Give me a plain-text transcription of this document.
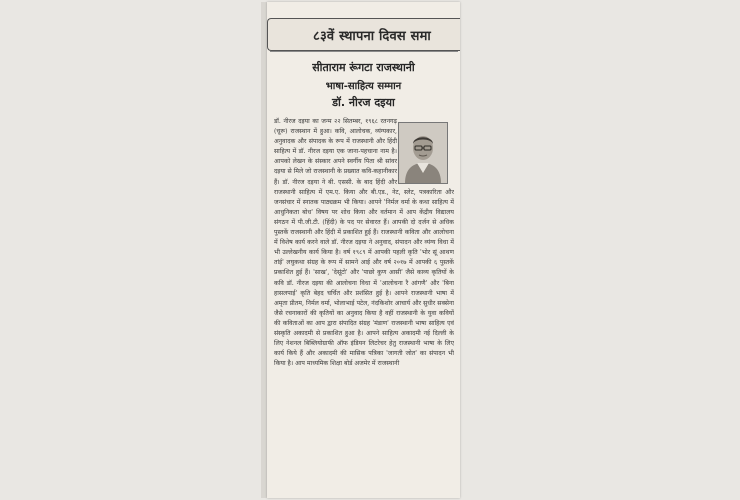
८३वें स्थापना दिवस समा
सीताराम रूंगटा राजस्थानी
भाषा-साहित्य सम्मान
डॉ. नीरज दइया
डॉ. नीरज दइया का जन्म २२ सितम्बर, १९६८ रतनगढ़ (चूरू) राजस्थान में हुआ। कवि, आलोचक, व्यंग्यकार, अनुवादक और संपादक के रूप में राजस्थानी और हिंदी साहित्य में डॉ. नीरज दइया एक जाना-पहचाना नाम है। आपको लेखन के संस्कार अपने स्वर्गीय पिता श्री सांवर दइया से मिले जो राजस्थानी के प्रख्यात कवि-कहानीकार हैं। डॉ. नीरज दइया ने बी. एससी. के बाद हिंदी और राजस्थानी साहित्य में एम.ए. किया और बी.एड., नेट, स्लेट, पत्रकारिता और जनसंचार में स्नातक पाठ्यक्रम भी किया। आपने 'निर्मल वर्मा के कथा साहित्य में आधुनिकता बोध' विषय पर शोध किया और वर्तमान में आप केंद्रीय विद्यालय संगठन में पी.जी.टी. (हिंदी) के पद पर सेवारत हैं। आपकी दो दर्जन से अधिक पुस्तकें राजस्थानी और हिंदी में प्रकाशित हुई हैं। राजस्थानी कविता और आलोचना में विशेष कार्य करने वाले डॉ. नीरज दइया ने अनुवाद, संपादन और व्यंग्य विधा में भी उल्लेखनीय कार्य किया है। वर्ष १९८९ में आपकी पहली कृति 'भोर सूं आथण तांई' लघुकथा संग्रह के रूप में सामने आई और वर्ष २०१७ में आपकी ६ पुस्तकें प्रकाशित हुई हैं। 'साख', 'देसूंटो' और 'पाछो कुण आसी' जैसे काव्य कृतियों के कवि डॉ. नीरज दइया की आलोचना विधा में 'आलोचना रै आंगणै' और 'बिना हासलपाई' कृति बेहद चर्चित और प्रशंसित हुई है। आपने राजस्थानी भाषा में अमृता प्रीतम, निर्मल वर्मा, भोलाभाई पटेल, नंदकिशोर आचार्य और सुधीर सक्सेना जैसे रचनाकारों की कृतियों का अनुवाद किया है वहीं राजस्थानी के युवा कवियों की कविताओं का आप द्वारा संपादित संग्रह 'मंडाण' राजस्थानी भाषा साहित्य एवं संस्कृति अकादमी से प्रकाशित हुआ है। आपने साहित्य अकादमी नई दिल्ली के लिए नेशनल बिब्लियोग्राफी ऑफ इंडियन लिटरेचर हेतु राजस्थानी भाषा के लिए कार्य किये हैं और अकादमी की मासिक पत्रिका 'जागती जोत' का संपादन भी किया है। आप माध्यमिक शिक्षा बोर्ड अजमेर में राजस्थानी
